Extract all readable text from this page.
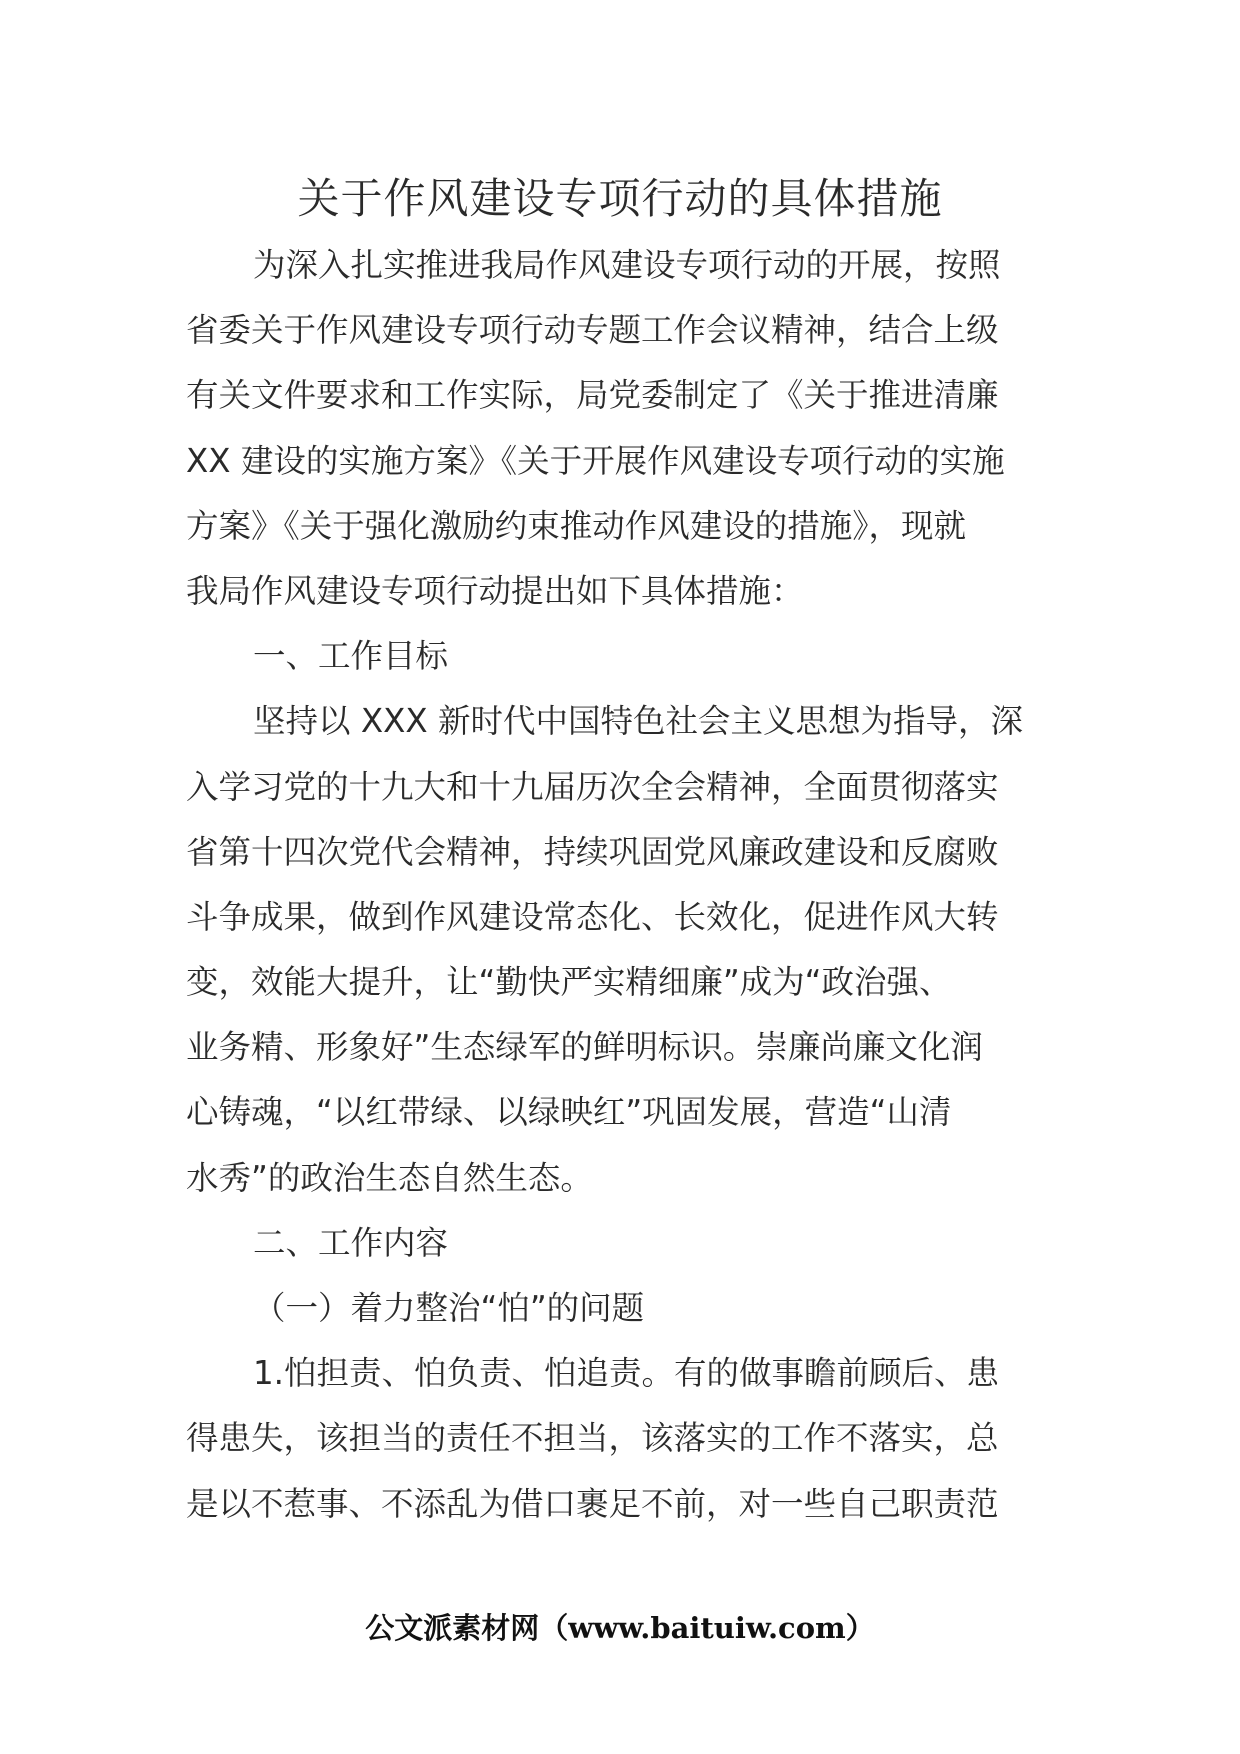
关于作风建设专项行动的具体措施
为深入扎实推进我局作风建设专项行动的开展，按照
省委关于作风建设专项行动专题工作会议精神，结合上级
有关文件要求和工作实际，局党委制定了《关于推进清廉
XX 建设的实施方案》《关于开展作风建设专项行动的实施
方案》《关于强化激励约束推动作风建设的措施》，现就
我局作风建设专项行动提出如下具体措施：
一、工作目标
坚持以 XXX 新时代中国特色社会主义思想为指导，深
入学习党的十九大和十九届历次全会精神，全面贯彻落实
省第十四次党代会精神，持续巩固党风廉政建设和反腐败
斗争成果，做到作风建设常态化、长效化，促进作风大转
变，效能大提升，让“勤快严实精细廉”成为“政治强、
业务精、形象好”生态绿军的鲜明标识。崇廉尚廉文化润
心铸魂，“以红带绿、以绿映红”巩固发展，营造“山清
水秀”的政治生态自然生态。
二、工作内容
（一）着力整治“怕”的问题
1.怕担责、怕负责、怕追责。有的做事瞻前顾后、患
得患失，该担当的责任不担当，该落实的工作不落实，总
是以不惹事、不添乱为借口裹足不前，对一些自己职责范
公文派素材网（www.baituiw.com）
